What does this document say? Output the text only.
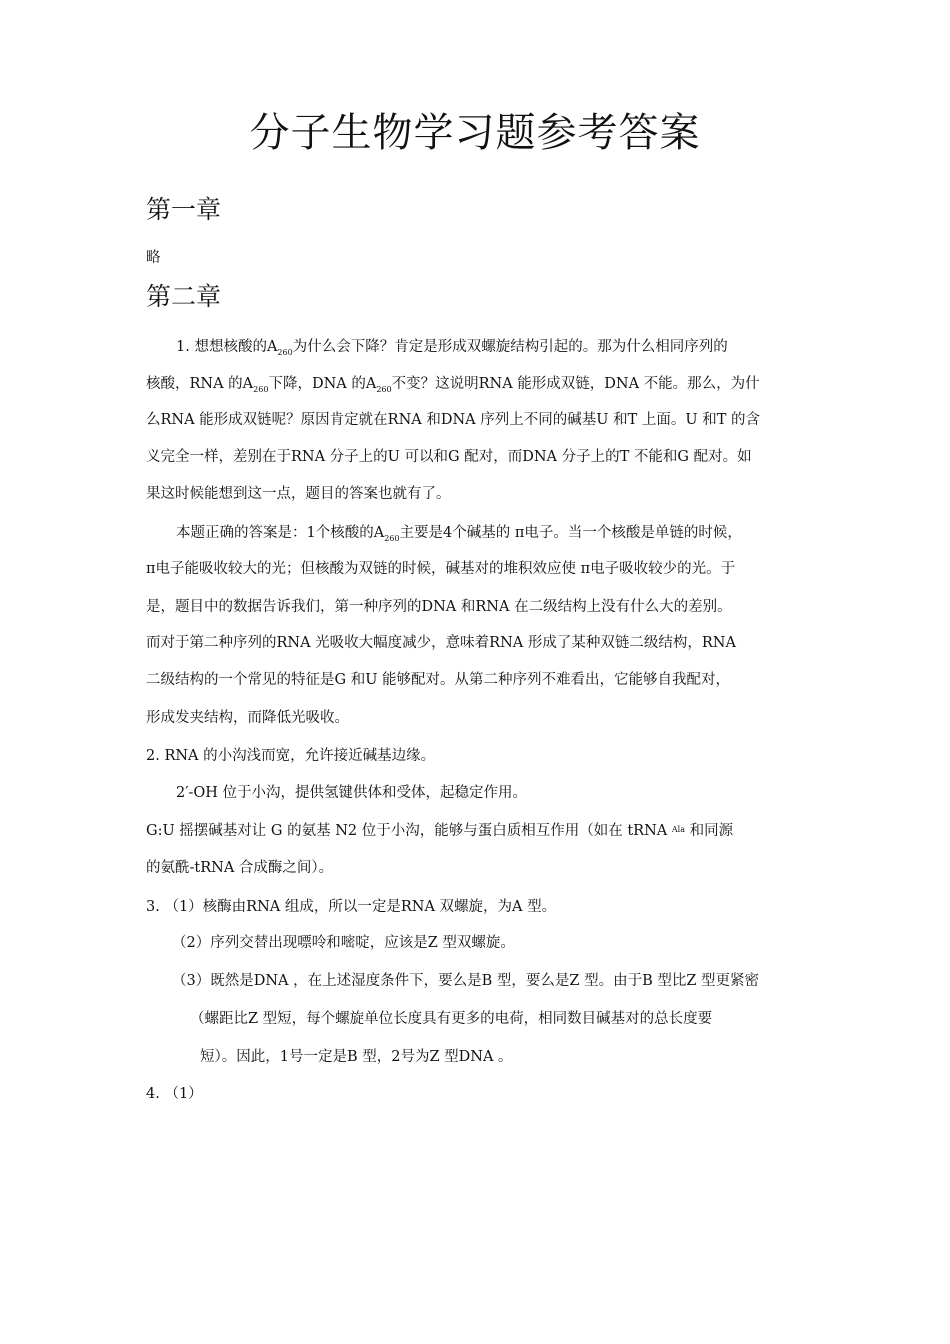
分子生物学习题参考答案
第一章
略
第二章
1. 想想核酸的$A_{260}$为什么会下降？肯定是形成双螺旋结构引起的。那为什么相同序列的
核酸，RNA 的$A_{260}$下降，DNA 的$A_{260}$不变？这说明RNA 能形成双链，DNA 不能。那么，为什
么RNA 能形成双链呢？原因肯定就在RNA 和DNA 序列上不同的碱基U 和T 上面。U 和T 的含
义完全一样，差别在于RNA 分子上的U 可以和G 配对，而DNA 分子上的T 不能和G 配对。如
果这时候能想到这一点，题目的答案也就有了。
本题正确的答案是：1个核酸的$A_{260}$主要是4个碱基的 π电子。当一个核酸是单链的时候，
π电子能吸收较大的光；但核酸为双链的时候，碱基对的堆积效应使 π电子吸收较少的光。于
是，题目中的数据告诉我们，第一种序列的DNA 和RNA 在二级结构上没有什么大的差别。
而对于第二种序列的RNA 光吸收大幅度减少，意味着RNA 形成了某种双链二级结构，RNA
二级结构的一个常见的特征是G 和U 能够配对。从第二种序列不难看出，它能够自我配对，
形成发夹结构，而降低光吸收。
2. RNA 的小沟浅而宽，允许接近碱基边缘。
2′-OH 位于小沟，提供氢键供体和受体，起稳定作用。
G:U 摇摆碱基对让 G 的氨基 N2 位于小沟，能够与蛋白质相互作用（如在 tRNA $^{Ala}$ 和同源
的氨酰-tRNA 合成酶之间）。
3. （1）核酶由RNA 组成，所以一定是RNA 双螺旋，为A 型。
（2）序列交替出现嘌呤和嘧啶，应该是Z 型双螺旋。
（3）既然是DNA ，在上述湿度条件下，要么是B 型，要么是Z 型。由于B 型比Z 型更紧密
（螺距比Z 型短，每个螺旋单位长度具有更多的电荷，相同数目碱基对的总长度要
短）。因此，1号一定是B 型，2号为Z 型DNA 。
4. （1）
